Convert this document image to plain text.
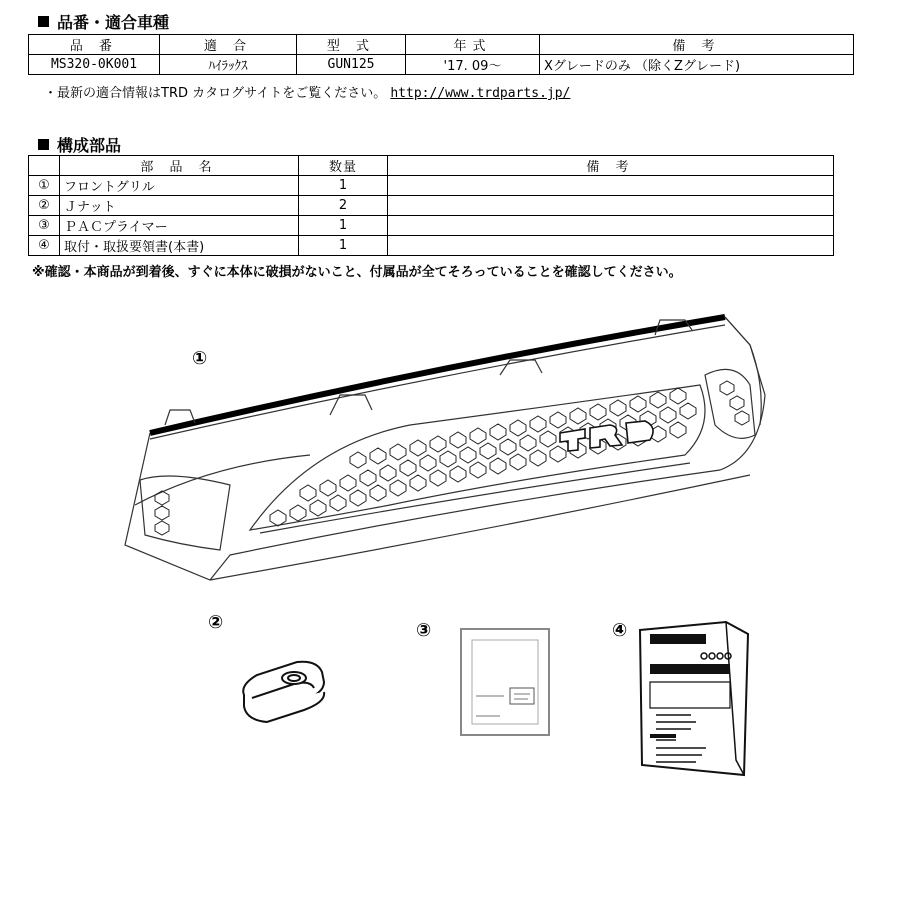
品番・適合車種
品 番	適 合	型 式	年式	備 考
MS320-0K001	ﾊｲﾗｯｸｽ	GUN125	'17. 09～	Xグレードのみ （除くZグレード)
・最新の適合情報はTRD カタログサイトをご覧ください。 http://www.trdparts.jp/
構成部品
	部 品 名	数量	備 考
①	フロントグリル	1	
②	Ｊナット	2	
③	ＰＡＣプライマー	1	
④	取付・取扱要領書(本書)	1	
※確認・本商品が到着後、すぐに本体に破損がないこと、付属品が全てそろっていることを確認してください。
①
②	③	④
